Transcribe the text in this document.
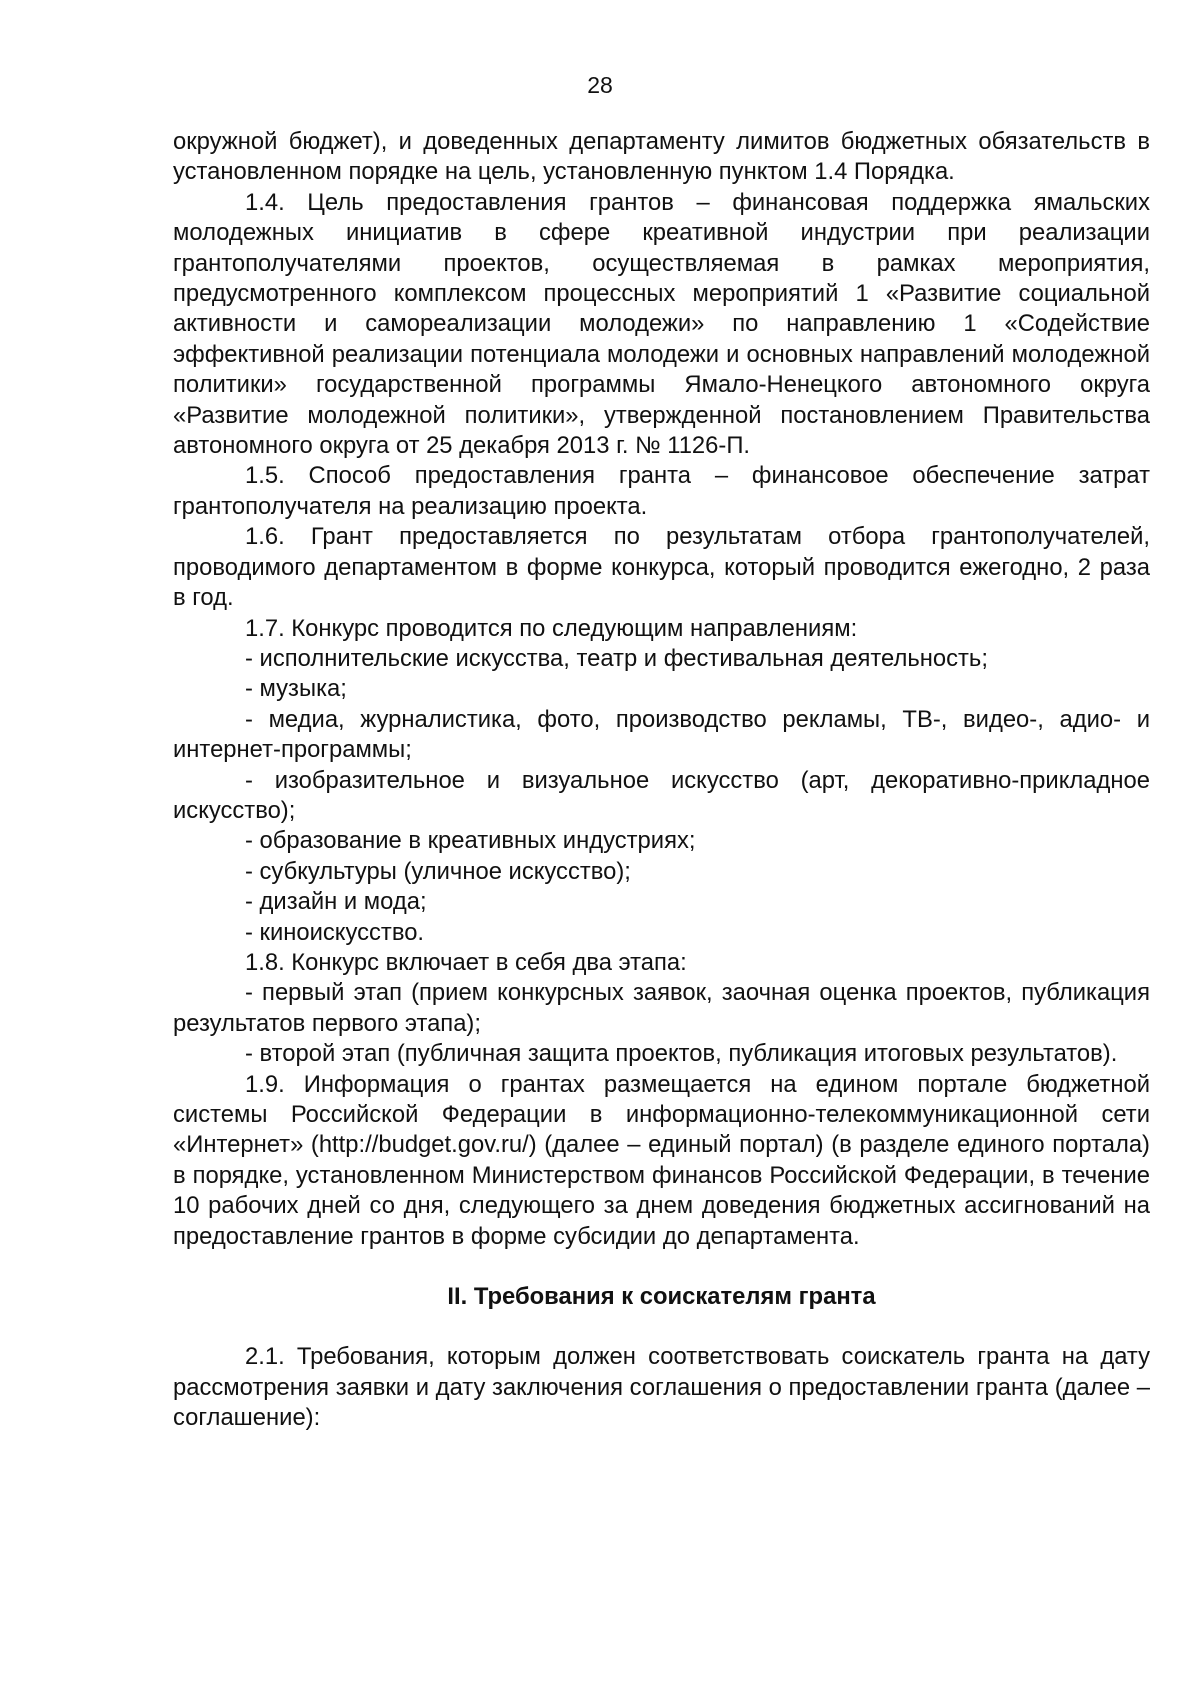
28

окружной бюджет), и доведенных департаменту лимитов бюджетных обязательств в установленном порядке на цель, установленную пунктом 1.4 Порядка.

1.4. Цель предоставления грантов – финансовая поддержка ямальских молодежных инициатив в сфере креативной индустрии при реализации грантополучателями проектов, осуществляемая в рамках мероприятия, предусмотренного комплексом процессных мероприятий 1 «Развитие социальной активности и самореализации молодежи» по направлению 1 «Содействие эффективной реализации потенциала молодежи и основных направлений молодежной политики» государственной программы Ямало-Ненецкого автономного округа «Развитие молодежной политики», утвержденной постановлением Правительства автономного округа от 25 декабря 2013 г. № 1126-П.

1.5. Способ предоставления гранта – финансовое обеспечение затрат грантополучателя на реализацию проекта.

1.6. Грант предоставляется по результатам отбора грантополучателей, проводимого департаментом в форме конкурса, который проводится ежегодно, 2 раза в год.

1.7. Конкурс проводится по следующим направлениям:

- исполнительские искусства, театр и фестивальная деятельность;

- музыка;

- медиа, журналистика, фото, производство рекламы, ТВ-, видео-, адио- и интернет-программы;

- изобразительное и визуальное искусство (арт, декоративно-прикладное искусство);

- образование в креативных индустриях;

- субкультуры (уличное искусство);

- дизайн и мода;

- киноискусство.

1.8. Конкурс включает в себя два этапа:

- первый этап (прием конкурсных заявок, заочная оценка проектов, публикация результатов первого этапа);

- второй этап (публичная защита проектов, публикация итоговых результатов).

1.9. Информация о грантах размещается на едином портале бюджетной системы Российской Федерации в информационно-телекоммуникационной сети «Интернет» (http://budget.gov.ru/) (далее – единый портал) (в разделе единого портала) в порядке, установленном Министерством финансов Российской Федерации, в течение 10 рабочих дней со дня, следующего за днем доведения бюджетных ассигнований на предоставление грантов в форме субсидии до департамента.

II. Требования к соискателям гранта

2.1. Требования, которым должен соответствовать соискатель гранта на дату рассмотрения заявки и дату заключения соглашения о предоставлении гранта (далее – соглашение):
